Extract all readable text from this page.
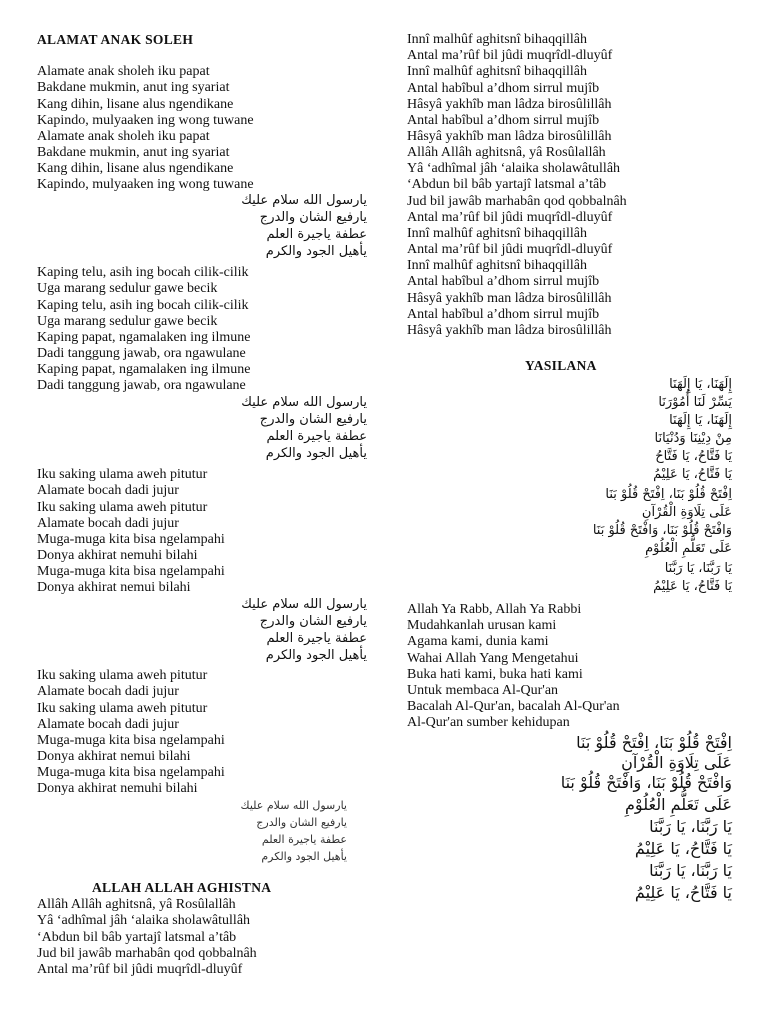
ALAMAT ANAK SOLEH
Alamate anak sholeh iku papat
Bakdane mukmin, anut ing syariat
Kang dihin, lisane alus ngendikane
Kapindo, mulyaaken ing wong tuwane
Alamate anak sholeh iku papat
Bakdane mukmin, anut ing syariat
Kang dihin, lisane alus ngendikane
Kapindo, mulyaaken ing wong tuwane
يارسول الله سلام عليك
يارفيع الشان والدرج
عطفة ياجيرة العلم
يأهيل الجود والكرم
Kaping telu, asih ing bocah cilik-cilik
Uga marang sedulur gawe becik
Kaping telu, asih ing bocah cilik-cilik
Uga marang sedulur gawe becik
Kaping papat, ngamalaken ing ilmune
Dadi tanggung jawab, ora ngawulane
Kaping papat, ngamalaken ing ilmune
Dadi tanggung jawab, ora ngawulane
يارسول الله سلام عليك
يارفيع الشان والدرج
عطفة ياجيرة العلم
يأهيل الجود والكرم
Iku saking ulama aweh pitutur
Alamate bocah dadi jujur
Iku saking ulama aweh pitutur
Alamate bocah dadi jujur
Muga-muga kita bisa ngelampahi
Donya akhirat nemuhi bilahi
Muga-muga kita bisa ngelampahi
Donya akhirat nemui bilahi
يارسول الله سلام عليك
يارفيع الشان والدرج
عطفة ياجيرة العلم
يأهيل الجود والكرم
Iku saking ulama aweh pitutur
Alamate bocah dadi jujur
Iku saking ulama aweh pitutur
Alamate bocah dadi jujur
Muga-muga kita bisa ngelampahi
Donya akhirat nemui bilahi
Muga-muga kita bisa ngelampahi
Donya akhirat nemuhi bilahi
يارسول الله سلام عليك
يارفيع الشان والدرج
عطفة ياجيرة العلم
يأهيل الجود والكرم
ALLAH ALLAH AGHISTNA
Allâh Allâh aghitsnâ, yâ Rosûlallâh
Yâ ‘adhîmal jâh ‘alaika sholawâtullâh
‘Abdun bil bâb yartajî latsmal a’tâb
Jud bil jawâb marhabân qod qobbalnâh
Antal ma’rûf bil jûdi muqrîdl-dluyûf
Innî malhûf aghitsnî bihaqqillâh
Antal ma’rûf bil jûdi muqrîdl-dluyûf
Innî malhûf aghitsnî bihaqqillâh
Antal habîbul a’dhom sirrul mujîb
Hâsyâ yakhîb man lâdza birosûlillâh
Antal habîbul a’dhom sirrul mujîb
Hâsyâ yakhîb man lâdza birosûlillâh
Allâh Allâh aghitsnâ, yâ Rosûlallâh
Yâ ‘adhîmal jâh ‘alaika sholawâtullâh
‘Abdun bil bâb yartajî latsmal a’tâb
Jud bil jawâb marhabân qod qobbalnâh
Antal ma’rûf bil jûdi muqrîdl-dluyûf
Innî malhûf aghitsnî bihaqqillâh
Antal ma’rûf bil jûdi muqrîdl-dluyûf
Innî malhûf aghitsnî bihaqqillâh
Antal habîbul a’dhom sirrul mujîb
Hâsyâ yakhîb man lâdza birosûlillâh
Antal habîbul a’dhom sirrul mujîb
Hâsyâ yakhîb man lâdza birosûlillâh
YASILANA
إِلَهَنَا، يَا إِلَهَنَا
يَسِّرْ لَنَا أُمُوْرَنَا
إِلَهَنَا، يَا إِلَهَنَا
مِنْ دِيْنِنَا وَدُنْيَانَا
يَا فَتَّاحُ، يَا فَتَّاحُ
يَا فَتَّاحُ، يَا عَلِيْمُ
اِفْتَحْ قُلُوْ بَنَا، اِفْتَحْ قُلُوْ بَنَا
عَلَى تِلَاوَةِ الْقُرْآنِ
وَافْتَحْ قُلُوْ بَنَا، وَافْتَحْ قُلُوْ بَنَا
عَلَى تَعَلُّمِ الْعُلُوْمِ
يَا رَبَّنَا، يَا رَبَّنَا
يَا فَتَّاحُ، يَا عَلِيْمُ
Allah Ya Rabb, Allah Ya Rabbi
Mudahkanlah urusan kami
Agama kami, dunia kami
Wahai Allah Yang Mengetahui
Buka hati kami, buka hati kami
Untuk membaca Al-Qur'an
Bacalah Al-Qur'an, bacalah Al-Qur'an
Al-Qur'an sumber kehidupan
اِفْتَحْ قُلُوْ بَنَا، اِفْتَحْ قُلُوْ بَنَا
عَلَى تِلَاوَةِ الْقُرْآنِ
وَافْتَحْ قُلُوْ بَنَا، وَافْتَحْ قُلُوْ بَنَا
عَلَى تَعَلُّمِ الْعُلُوْمِ
يَا رَبَّنَا، يَا رَبَّنَا
يَا فَتَّاحُ، يَا عَلِيْمُ
يَا رَبَّنَا، يَا رَبَّنَا
يَا فَتَّاحُ، يَا عَلِيْمُ
